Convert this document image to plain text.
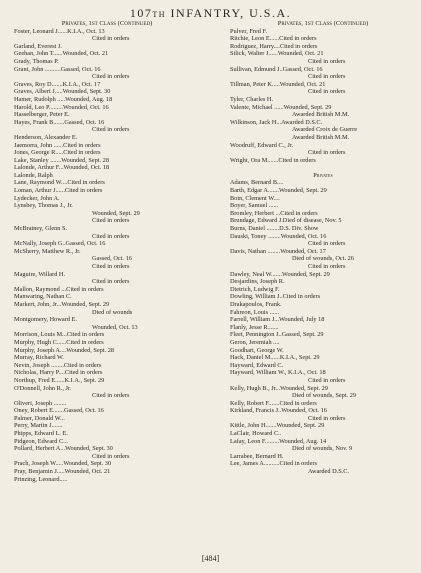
107th INFANTRY, U.S.A.
Privates, 1st Class (Continued)
Foster, Leonard J......K.I.A., Oct. 13
Cited in orders
Garland, Everest J.
Geehan, John T......Wounded, Oct. 21
Grady, Thomas P.
Grant, John ..........Gassed, Oct. 16
Cited in orders
Graves, Roy D.......K.I.A., Oct. 17
Graves, Albert J.....Wounded, Sept. 30
Hamer, Rudolph .....Wounded, Aug. 18
Harold, Leo P.........Wounded, Oct. 16
Hasselberger, Peter E.
Hayes, Frank B.......Gassed, Oct. 16
Cited in orders
Henderson, Alexander E.
Jaemorra, John ......Cited in orders
Jones, George R.....Cited in orders
Lake, Stanley .......Wounded, Sept. 28
Lalonde, Arthur F...Wounded, Oct. 18
Lalonde, Ralph
Lane, Raymond W....Cited in orders
Loman, Arthur J......Cited in orders
Lydecker, John A.
Lynsbey, Thomas J., Jr.
Wounded, Sept. 29
Cited in orders
McBratney, Glenn S.
Cited in orders
McNally, Joseph G..Gassed, Oct. 16
McSherry, Matthew R., Jr.
Gassed, Oct. 16
Cited in orders
Maguire, Willard H.
Cited in orders
Mallon, Raymond ...Cited in orders
Manwaring, Nathan C.
Markert, John, Jr...Wounded, Sept. 29
Died of wounds
Montgomery, Howard E.
Wounded, Oct. 13
Morrison, Louis M...Cited in orders
Murphy, Hugh C......Cited in orders
Murphy, Joseph A....Wounded, Sept. 28
Murray, Richard W.
Nevin, Joseph ........Cited in orders
Nicholas, Harry P....Cited in orders
Northup, Fred E......K.I.A., Sept. 29
O'Donnell, John R., Jr.
Cited in orders
Oliveri, Joseph ........
Oney, Robert E.......Gassed, Oct. 16
Palmer, Donald W...
Perry, Martin J.......
Phipps, Edward L. E.
Pidgeon, Edward C...
Pollard, Herbert A...Wounded, Sept. 30
Cited in orders
Prach, Joseph W.....Wounded, Sept. 30
Pray, Benjamin J.....Wounded, Oct. 21
Prinzing, Leonard.....
Privates, 1st Class (Continued)
Pulver, Fred F.
Ritchie, Leon E......Cited in orders
Rodriguez, Harry....Cited in orders
Silick, Walter J......Wounded, Oct. 21
Cited in orders
Sullivan, Edmund J..Gassed, Oct. 16
Cited in orders
Tillman, Peter K.....Wounded, Oct. 21
Cited in orders
Tyler, Charles H.
Valente, Michael ......Wounded, Sept. 29
Awarded British M.M.
Wilkinson, Jack H...Awarded D.S.C.
Awarded Croix de Guerre
Awarded British M.M.
Woodruff, Edward C., Jr.
Cited in orders
Wright, Ora M.......Cited in orders

Privates
Adams, Bernard B....
Barth, Edgar A.......Wounded, Sept. 29
Boin, Clement W....
Boyer, Samuel ......
Bromley, Herbert ...Cited in orders
Brundage, Edward J.Died of disease, Nov. 5
Burns, Daniel ........D.S. Div. Show
Dauski, Toney ........Wounded, Oct. 16
Cited in orders
Davis, Nathan ........Wounded, Oct. 17
Died of wounds, Oct. 26
Cited in orders
Dawley, Neal W.......Wounded, Sept. 29
Desjardins, Joseph R.
Dietrich, Ludwig F.
Dowling, William J..Cited in orders
Drakapoulos, Frank.
Fahreon, Louis ......
Farrell, William J...Wounded, July 18
Flanly, Jesse R.......
Fleet, Pennington J..Gassed, Sept. 29
Geron, Jeremiah ....
Goodhart, George W.
Hack, Daniel M......K.I.A., Sept. 29
Hayward, Edward C.
Hayward, William W., K.I.A., Oct. 18
Cited in orders
Kelly, Hugh B., Jr...Wounded, Sept. 29
Died of wounds, Sept. 29
Kelly, Robert F.......Cited in orders
Kirkland, Francis J..Wounded, Oct. 16
Cited in orders
Kittle, John H.......Wounded, Sept. 29
LaClair, Howard C..
Lafay, Leon F.........Wounded, Aug. 14
Died of wounds, Nov. 9
Larrabee, Bernard H.
Lee, James A..........Cited in orders
Awarded D.S.C.
[484]
